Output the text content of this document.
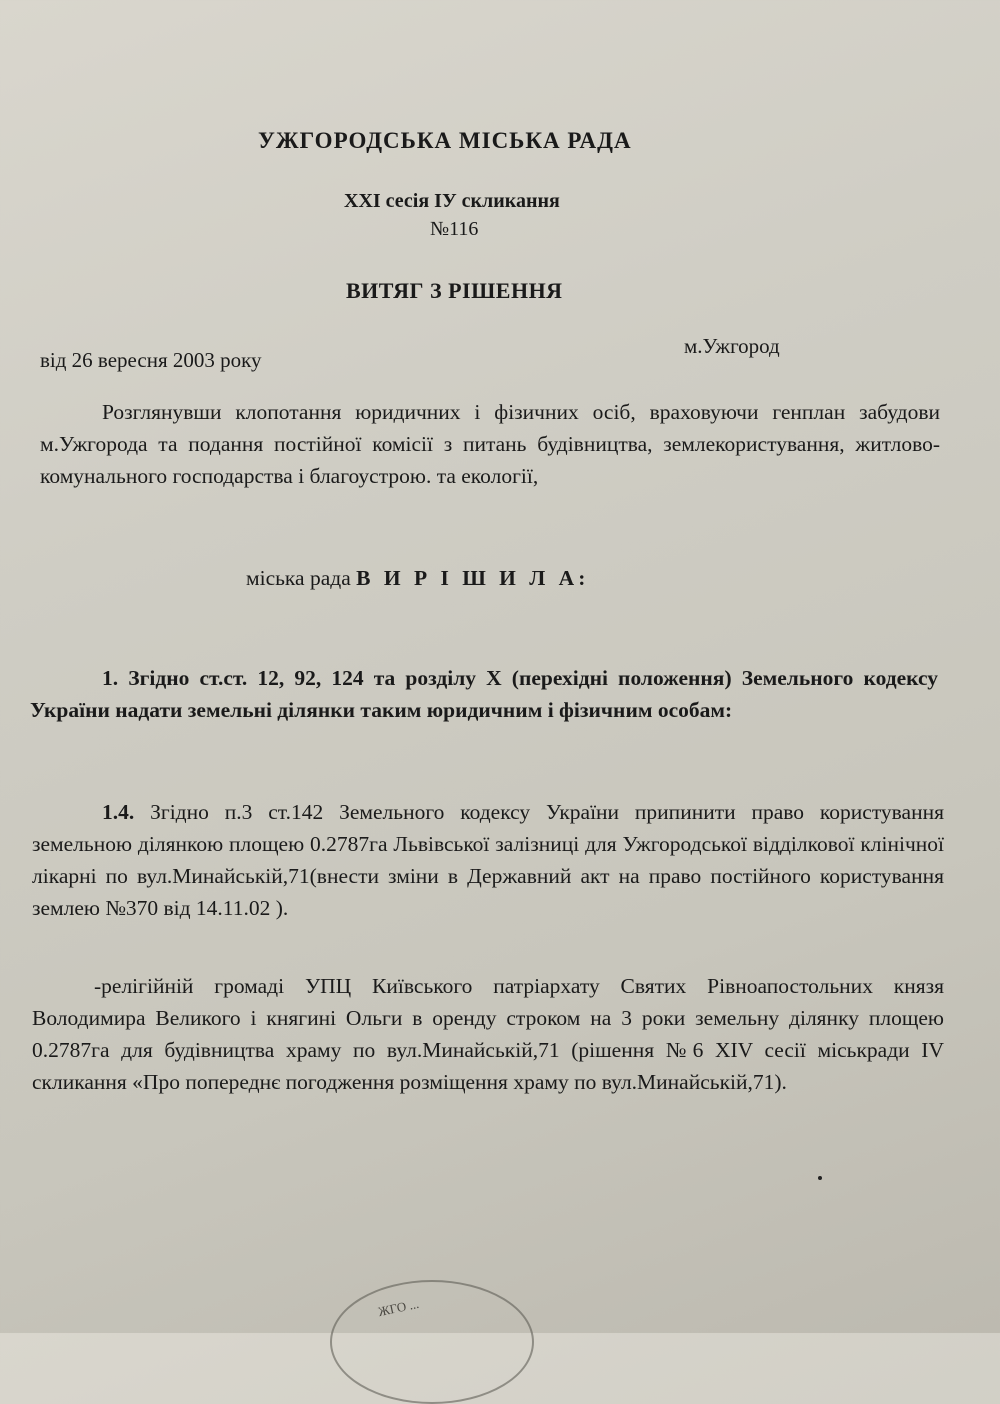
УЖГОРОДСЬКА МІСЬКА РАДА
XXI сесія IУ скликання
№116
ВИТЯГ З РІШЕННЯ
від 26 вересня 2003 року
м.Ужгород
Розглянувши клопотання юридичних і фізичних осіб, враховуючи генплан забудови м.Ужгорода та подання постійної комісії з питань будівництва, землекористування, житлово-комунального господарства і благоустрою. та екології,
міська рада В И Р І Ш И Л А:
1. Згідно ст.ст. 12, 92, 124 та розділу X (перехідні положення) Земельного кодексу України надати земельні ділянки таким юридичним і фізичним особам:
1.4. Згідно п.3 ст.142 Земельного кодексу України припинити право користування земельною ділянкою площею 0.2787га Львівської залізниці для Ужгородської відділкової клінічної лікарні по вул.Минайській,71(внести зміни в Державний акт на право постійного користування землею №370 від 14.11.02 ).
-релігійній громаді УПЦ Київського патріархату Святих Рівноапостольних князя Володимира Великого і княгині Ольги в оренду строком на 3 роки земельну ділянку площею 0.2787га для будівництва храму по вул.Минайській,71 (рішення №6 XIV сесії міськради IV скликання «Про попереднє погодження розміщення храму по вул.Минайській,71).
ЖГО ...
